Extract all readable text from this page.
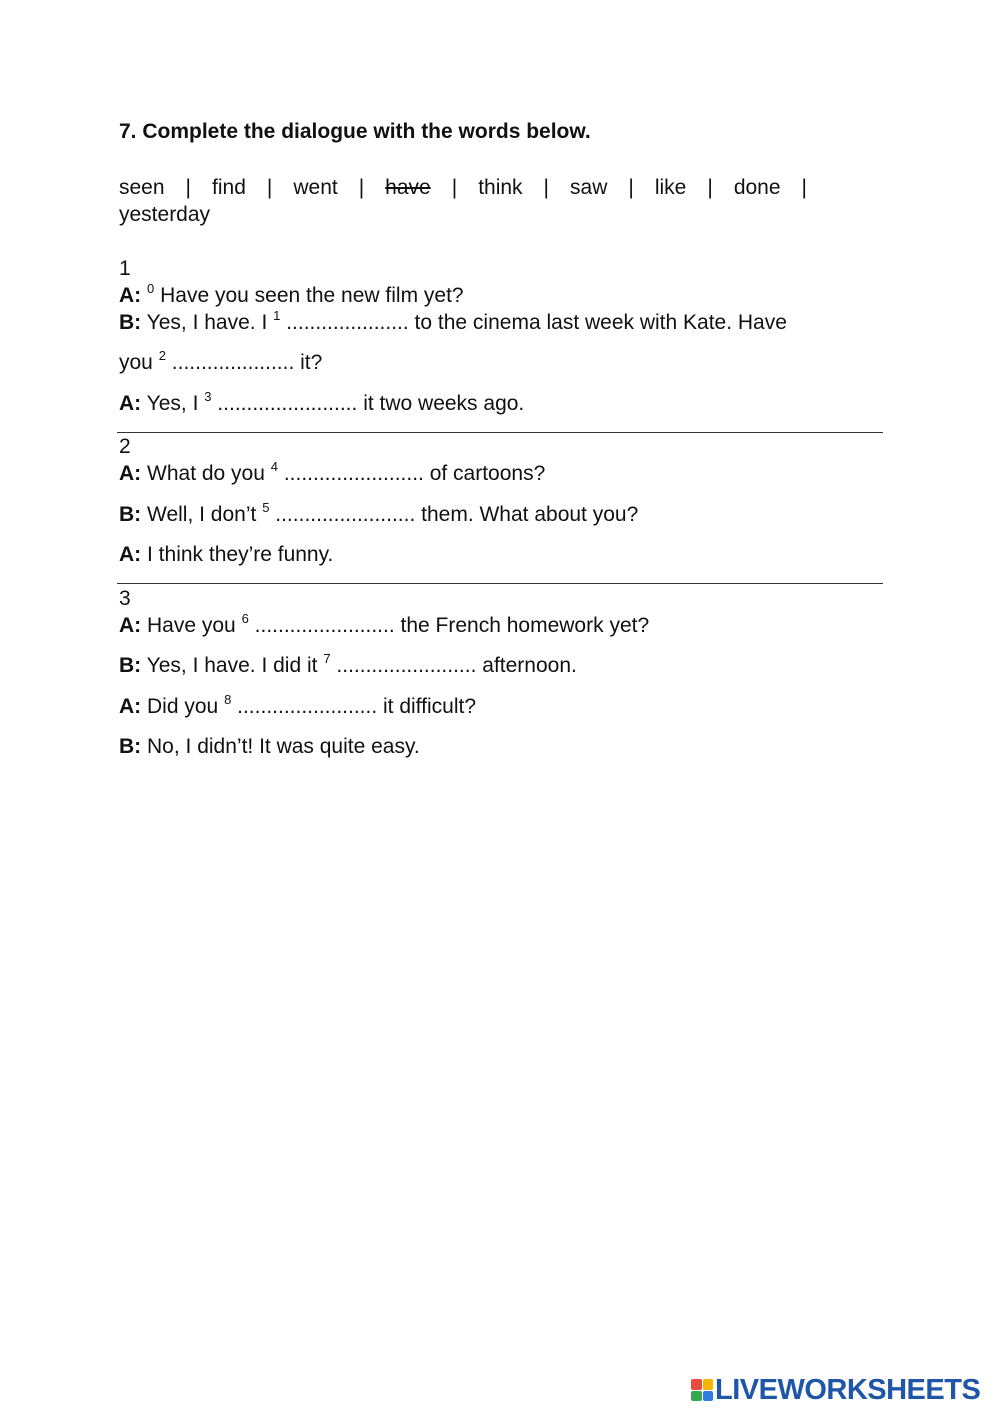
7. Complete the dialogue with the words below.
seen | find | went | have | think | saw | like | done |
yesterday
1
A: $^0$ Have you seen the new film yet?
B: Yes, I have. I $^1$ ..................... to the cinema last week with Kate. Have
you $^2$ ..................... it?
A: Yes, I $^3$ ........................ it two weeks ago.
2
A: What do you $^4$ ........................ of cartoons?
B: Well, I don’t $^5$ ........................ them. What about you?
A: I think they’re funny.
3
A: Have you $^6$ ........................ the French homework yet?
B: Yes, I have. I did it $^7$ ........................ afternoon.
A: Did you $^8$ ........................ it difficult?
B: No, I didn’t! It was quite easy.
LIVEWORKSHEETS
